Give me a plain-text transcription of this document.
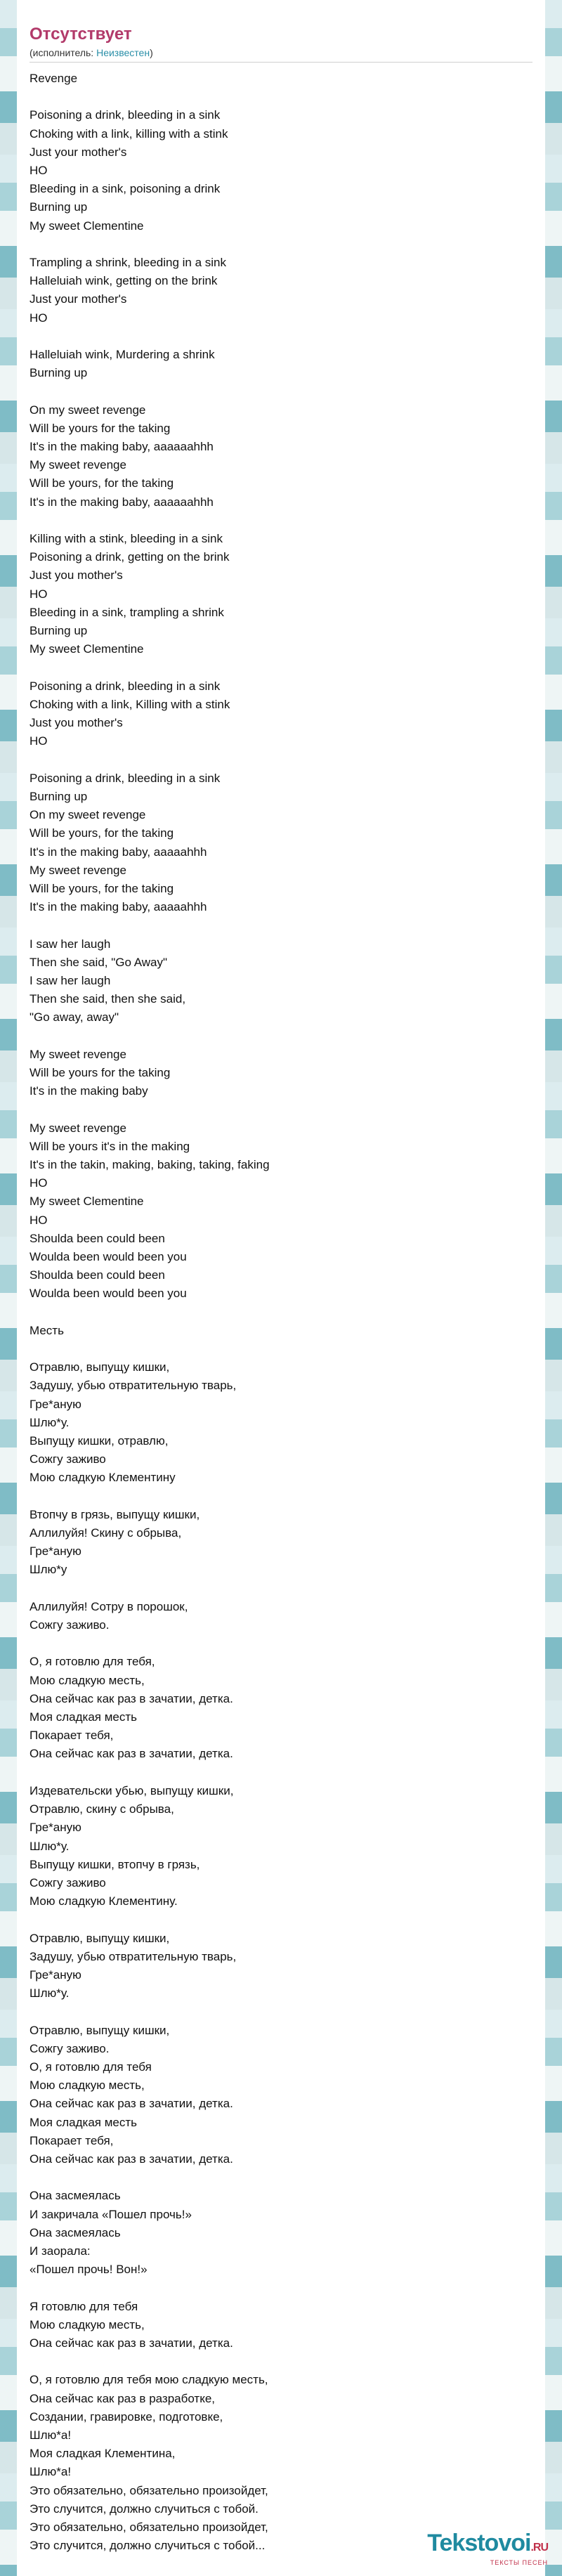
Отсутствует
(исполнитель: Неизвестен)
Revenge

Poisoning a drink, bleeding in a sink
Choking with a link, killing with a stink
Just your mother's
HO
Bleeding in a sink, poisoning a drink
Burning up
My sweet Clementine

Trampling a shrink, bleeding in a sink
Halleluiah wink, getting on the brink
Just your mother's
HO

Halleluiah wink, Murdering a shrink
Burning up

On my sweet revenge
Will be yours for the taking
It's in the making baby, aaaaaahhh
My sweet revenge
Will be yours, for the taking
It's in the making baby, aaaaaahhh

Killing with a stink, bleeding in a sink
Poisoning a drink, getting on the brink
Just you mother's
HO
Bleeding in a sink, trampling a shrink
Burning up
My sweet Clementine

Poisoning a drink, bleeding in a sink
Choking with a link, Killing with a stink
Just you mother's
HO

Poisoning a drink, bleeding in a sink
Burning up
On my sweet revenge
Will be yours, for the taking
It's in the making baby, aaaaahhh
My sweet revenge
Will be yours, for the taking
It's in the making baby, aaaaahhh

I saw her laugh
Then she said, "Go Away"
I saw her laugh
Then she said, then she said,
"Go away, away"

My sweet revenge
Will be yours for the taking
It's in the making baby

My sweet revenge
Will be yours it's in the making
It's in the takin, making, baking, taking, faking
HO
My sweet Clementine
HO
Shoulda been could been
Woulda been would been you
Shoulda been could been
Woulda been would been you

Месть

Отравлю, выпущу кишки,
Задушу, убью отвратительную тварь,
Гре*аную
Шлю*у.
Выпущу кишки, отравлю,
Сожгу заживо
Мою сладкую Клементину

Втопчу в грязь, выпущу кишки,
Аллилуйя! Скину с обрыва,
Гре*аную
Шлю*у

Аллилуйя! Сотру в порошок,
Сожгу заживо.

О, я готовлю для тебя,
Мою сладкую месть,
Она сейчас как раз в зачатии, детка.
Моя сладкая месть
Покарает тебя,
Она сейчас как раз в зачатии, детка.

Издевательски убью, выпущу кишки,
Отравлю, скину с обрыва,
Гре*аную
Шлю*у.
Выпущу кишки, втопчу в грязь,
Сожгу заживо
Мою сладкую Клементину.

Отравлю, выпущу кишки,
Задушу, убью отвратительную тварь,
Гре*аную
Шлю*у.

Отравлю, выпущу кишки,
Сожгу заживо.
О, я готовлю для тебя
Мою сладкую месть,
Она сейчас как раз в зачатии, детка.
Моя сладкая месть
Покарает тебя,
Она сейчас как раз в зачатии, детка.

Она засмеялась
И закричала «Пошел прочь!»
Она засмеялась
И заорала:
«Пошел прочь! Вон!»

Я готовлю для тебя
Мою сладкую месть,
Она сейчас как раз в зачатии, детка.

О, я готовлю для тебя мою сладкую месть,
Она сейчас как раз в разработке,
Создании, гравировке, подготовке,
Шлю*а!
Моя сладкая Клементина,
Шлю*а!
Это обязательно, обязательно произойдет,
Это случится, должно случиться с тобой.
Это обязательно, обязательно произойдет,
Это случится, должно случиться с тобой...	Tekstovoi.RU
ТЕКСТЫ ПЕСЕН
